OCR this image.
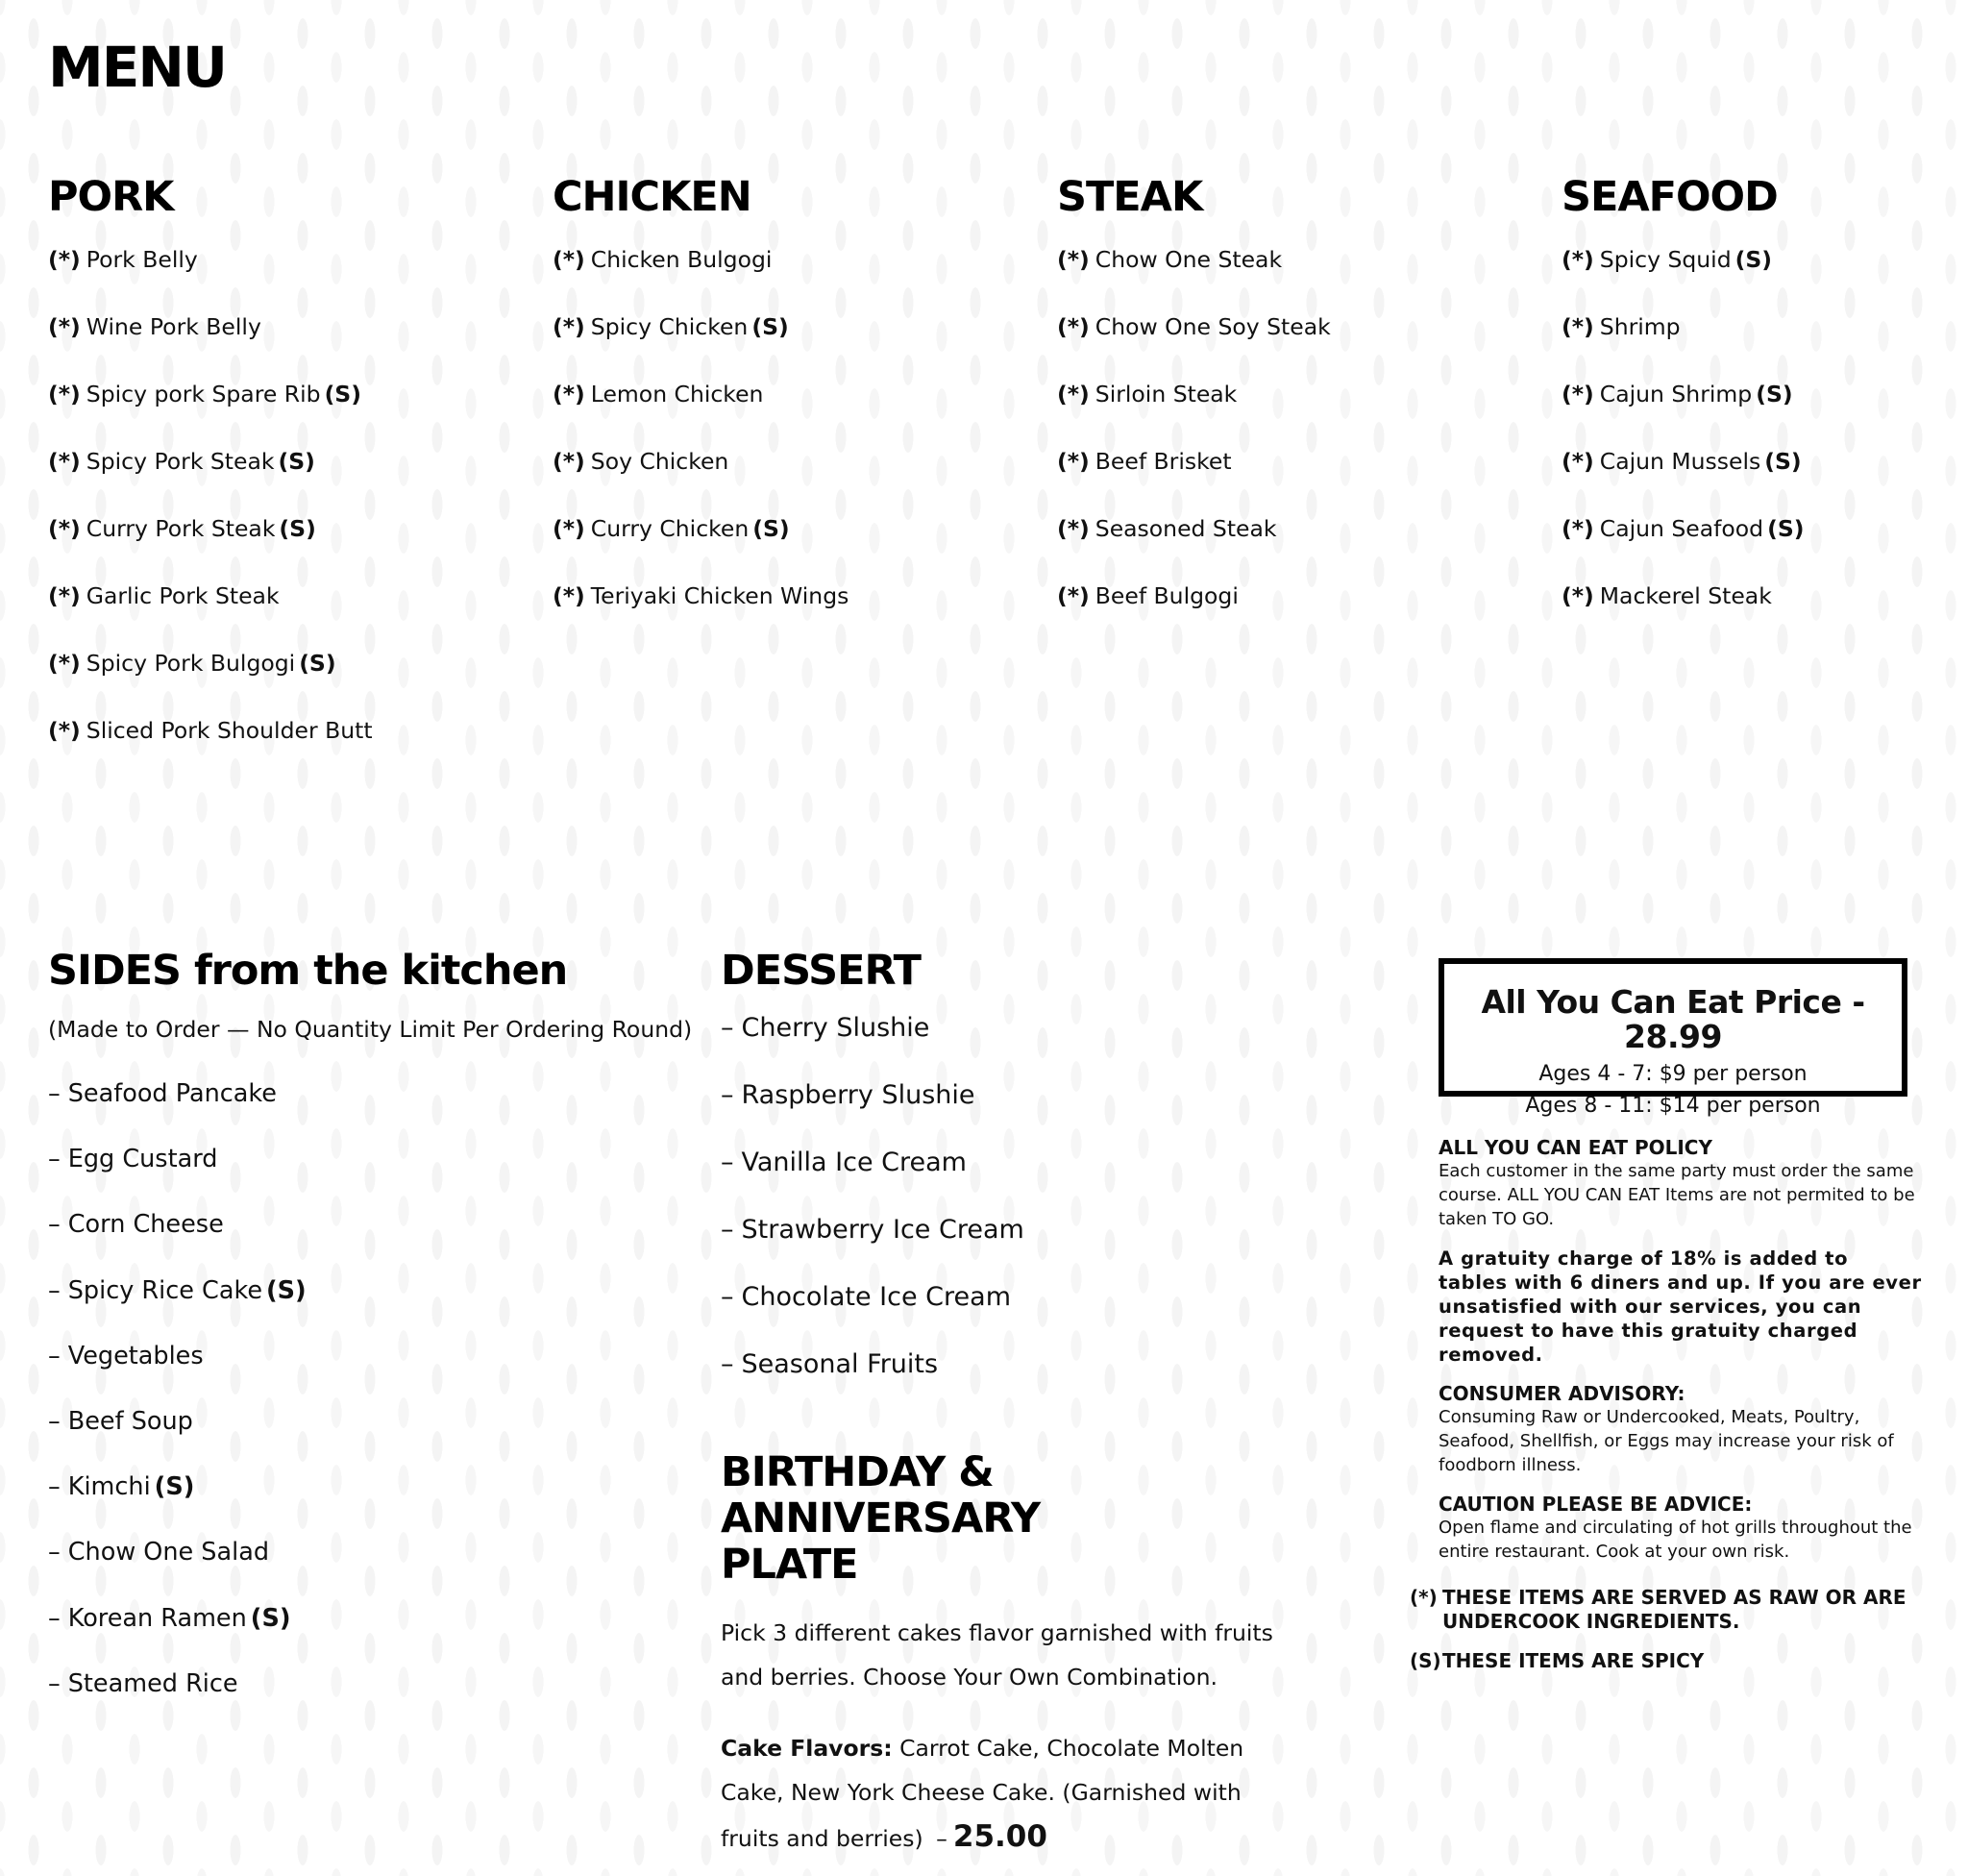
MENU
PORK
(*) Pork Belly
(*) Wine Pork Belly
(*) Spicy pork Spare Rib (S)
(*) Spicy Pork Steak (S)
(*) Curry Pork Steak (S)
(*) Garlic Pork Steak
(*) Spicy Pork Bulgogi (S)
(*) Sliced Pork Shoulder Butt
CHICKEN
(*) Chicken Bulgogi
(*) Spicy Chicken (S)
(*) Lemon Chicken
(*) Soy Chicken
(*) Curry Chicken (S)
(*) Teriyaki Chicken Wings
STEAK
(*) Chow One Steak
(*) Chow One Soy Steak
(*) Sirloin Steak
(*) Beef Brisket
(*) Seasoned Steak
(*) Beef Bulgogi
SEAFOOD
(*) Spicy Squid (S)
(*) Shrimp
(*) Cajun Shrimp (S)
(*) Cajun Mussels (S)
(*) Cajun Seafood (S)
(*) Mackerel Steak
SIDES from the kitchen
(Made to Order — No Quantity Limit Per Ordering Round)
– Seafood Pancake
– Egg Custard
– Corn Cheese
– Spicy Rice Cake (S)
– Vegetables
– Beef Soup
– Kimchi (S)
– Chow One Salad
– Korean Ramen (S)
– Steamed Rice
DESSERT
– Cherry Slushie
– Raspberry Slushie
– Vanilla Ice Cream
– Strawberry Ice Cream
– Chocolate Ice Cream
– Seasonal Fruits
BIRTHDAY & ANNIVERSARY
PLATE

Pick 3 different cakes flavor garnished with fruits and berries. Choose Your Own Combination.

Cake Flavors: Carrot Cake, Chocolate Molten Cake, New York Cheese Cake. (Garnished with fruits and berries) – 25.00

All You Can Eat Price - 28.99
Ages 4 - 7: $9 per person
Ages 8 - 11: $14 per person
ALL YOU CAN EAT POLICY
Each customer in the same party must order the same course. ALL YOU CAN EAT Items are not permited to be taken TO GO.
A gratuity charge of 18% is added to tables with 6 diners and up. If you are ever unsatisfied with our services, you can request to have this gratuity charged removed.
CONSUMER ADVISORY:
Consuming Raw or Undercooked, Meats, Poultry, Seafood, Shellfish, or Eggs may increase your risk of foodborn illness.
CAUTION PLEASE BE ADVICE:
Open flame and circulating of hot grills throughout the entire restaurant. Cook at your own risk.
(*) THESE ITEMS ARE SERVED AS RAW OR ARE UNDERCOOK INGREDIENTS.
(S) THESE ITEMS ARE SPICY
